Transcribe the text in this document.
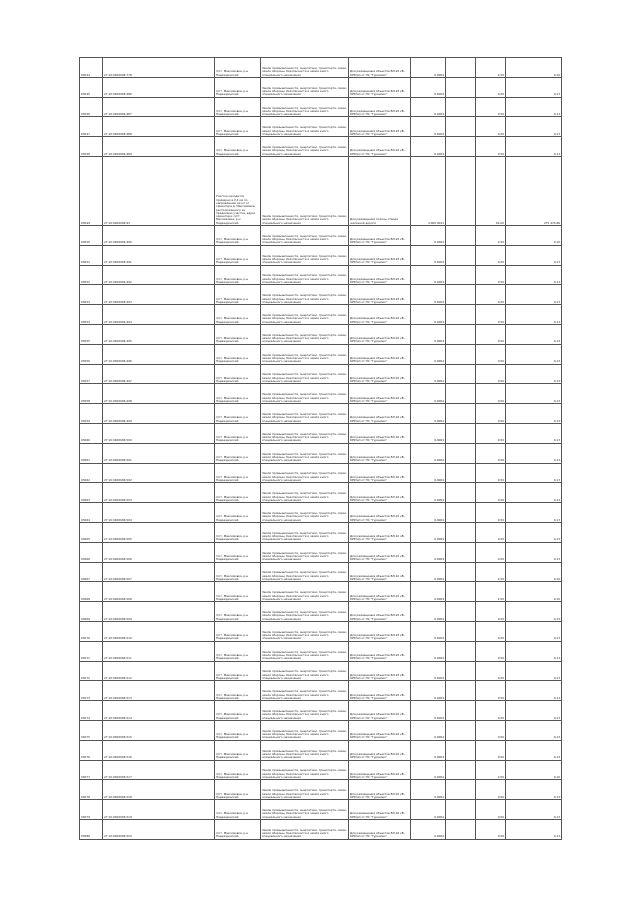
03044	27:10:0400006:778	п/ст. Максимовка, р-н Надеждинский	Земли промышленности, энергетики, транспорта, связи, земли обороны, безопасности и земли иного специального назначения	Для размещения объектов ВЛ-10 кВ, КРУ(Ш) от ПС "Гураново"	0,0004		2,50	0,10
03045	27:10:0400006:486	п/ст. Максимовка, р-н Надеждинский	Земли промышленности, энергетики, транспорта, связи, земли обороны, безопасности и земли иного специального назначения	Для размещения объектов ВЛ-10 кВ, КРУ(Ш) от ПС "Гураново"	0,0004		0,50	0,13
03046	27:10:0400006:487	п/ст. Максимовка, р-н Надеждинский	Земли промышленности, энергетики, транспорта, связи, земли обороны, безопасности и земли иного специального назначения	Для размещения объектов ВЛ-10 кВ, КРУ(Ш) от ПС "Гураново"	0,0004		0,50	0,13
03047	27:10:0400006:488	п/ст. Максимовка, р-н Надеждинский	Земли промышленности, энергетики, транспорта, связи, земли обороны, безопасности и земли иного специального назначения	Для размещения объектов ВЛ-10 кВ, КРУ(Ш) от ПС "Гураново"	0,0004		0,50	0,13
03048	27:10:0400006:489	п/ст. Максимовка, р-н Надеждинский	Земли промышленности, энергетики, транспорта, связи, земли обороны, безопасности и земли иного специального назначения	Для размещения объектов ВЛ-10 кВ, КРУ(Ш) от ПС "Гураново"	0,0004		0,50	0,13
03049	27:10:0400006:93	Участок находится примерно в 0,3 км по направлению на юг от ориентира д. Максимовка, расположенного за пределами участка, адрес ориентира: п/ст. Максимовка, р-н Надеждинский	Земли промышленности, энергетики, транспорта, связи, земли обороны, безопасности и земли иного специального назначения	Для размещения полосы отвода железной дороги	4 060 0021		61,00	275 474,86
03050	27:10:0400006:490	п/ст. Максимовка, р-н Надеждинский	Земли промышленности, энергетики, транспорта, связи, земли обороны, безопасности и земли иного специального назначения	Для размещения объектов ВЛ-10 кВ, КРУ(Ш) от ПС "Гураново"	0,0004		2,50	0,10
03051	27:10:0400006:491	п/ст. Максимовка, р-н Надеждинский	Земли промышленности, энергетики, транспорта, связи, земли обороны, безопасности и земли иного специального назначения	Для размещения объектов ВЛ-10 кВ, КРУ(Ш) от ПС "Гураново"	0,0004		0,50	0,13
03052	27:10:0400006:492	п/ст. Максимовка, р-н Надеждинский	Земли промышленности, энергетики, транспорта, связи, земли обороны, безопасности и земли иного специального назначения	Для размещения объектов ВЛ-10 кВ, КРУ(Ш) от ПС "Гураново"	0,0004		0,50	0,13
03053	27:10:0400006:493	п/ст. Максимовка, р-н Надеждинский	Земли промышленности, энергетики, транспорта, связи, земли обороны, безопасности и земли иного специального назначения	Для размещения объектов ВЛ-10 кВ, КРУ(Ш) от ПС "Гураново"	0,0004		0,50	0,13
03054	27:10:0400006:494	п/ст. Максимовка, р-н Надеждинский	Земли промышленности, энергетики, транспорта, связи, земли обороны, безопасности и земли иного специального назначения	Для размещения объектов ВЛ-10 кВ, КРУ(Ш) от ПС "Гураново"	0,0004		0,50	0,13
03055	27:10:0400006:495	п/ст. Максимовка, р-н Надеждинский	Земли промышленности, энергетики, транспорта, связи, земли обороны, безопасности и земли иного специального назначения	Для размещения объектов ВЛ-10 кВ, КРУ(Ш) от ПС "Гураново"	0,0004		0,50	0,13
03056	27:10:0400006:496	п/ст. Максимовка, р-н Надеждинский	Земли промышленности, энергетики, транспорта, связи, земли обороны, безопасности и земли иного специального назначения	Для размещения объектов ВЛ-10 кВ, КРУ(Ш) от ПС "Гураново"	0,0004		0,50	0,13
03057	27:10:0400006:497	п/ст. Максимовка, р-н Надеждинский	Земли промышленности, энергетики, транспорта, связи, земли обороны, безопасности и земли иного специального назначения	Для размещения объектов ВЛ-10 кВ, КРУ(Ш) от ПС "Гураново"	0,0004		0,50	0,13
03058	27:10:0400006:498	п/ст. Максимовка, р-н Надеждинский	Земли промышленности, энергетики, транспорта, связи, земли обороны, безопасности и земли иного специального назначения	Для размещения объектов ВЛ-10 кВ, КРУ(Ш) от ПС "Гураново"	0,0004		0,50	0,13
03059	27:10:0400006:499	п/ст. Максимовка, р-н Надеждинский	Земли промышленности, энергетики, транспорта, связи, земли обороны, безопасности и земли иного специального назначения	Для размещения объектов ВЛ-10 кВ, КРУ(Ш) от ПС "Гураново"	0,0004		0,50	0,13
03060	27:10:0400006:500	п/ст. Максимовка, р-н Надеждинский	Земли промышленности, энергетики, транспорта, связи, земли обороны, безопасности и земли иного специального назначения	Для размещения объектов ВЛ-10 кВ, КРУ(Ш) от ПС "Гураново"	0,0004		0,50	0,13
03061	27:10:0400006:501	п/ст. Максимовка, р-н Надеждинский	Земли промышленности, энергетики, транспорта, связи, земли обороны, безопасности и земли иного специального назначения	Для размещения объектов ВЛ-10 кВ, КРУ(Ш) от ПС "Гураново"	0,0004		0,50	0,13
03062	27:10:0400006:502	п/ст. Максимовка, р-н Надеждинский	Земли промышленности, энергетики, транспорта, связи, земли обороны, безопасности и земли иного специального назначения	Для размещения объектов ВЛ-10 кВ, КРУ(Ш) от ПС "Гураново"	0,0004		0,50	0,13
03063	27:10:0400006:503	п/ст. Максимовка, р-н Надеждинский	Земли промышленности, энергетики, транспорта, связи, земли обороны, безопасности и земли иного специального назначения	Для размещения объектов ВЛ-10 кВ, КРУ(Ш) от ПС "Гураново"	0,0004		0,50	0,13
03064	27:10:0400006:504	п/ст. Максимовка, р-н Надеждинский	Земли промышленности, энергетики, транспорта, связи, земли обороны, безопасности и земли иного специального назначения	Для размещения объектов ВЛ-10 кВ, КРУ(Ш) от ПС "Гураново"	0,0004		0,50	0,13
03065	27:10:0400006:505	п/ст. Максимовка, р-н Надеждинский	Земли промышленности, энергетики, транспорта, связи, земли обороны, безопасности и земли иного специального назначения	Для размещения объектов ВЛ-10 кВ, КРУ(Ш) от ПС "Гураново"	0,0004		0,50	0,13
03066	27:10:0400006:506	п/ст. Максимовка, р-н Надеждинский	Земли промышленности, энергетики, транспорта, связи, земли обороны, безопасности и земли иного специального назначения	Для размещения объектов ВЛ-10 кВ, КРУ(Ш) от ПС "Гураново"	0,0004		0,50	0,13
03067	27:10:0400006:507	п/ст. Максимовка, р-н Надеждинский	Земли промышленности, энергетики, транспорта, связи, земли обороны, безопасности и земли иного специального назначения	Для размещения объектов ВЛ-10 кВ, КРУ(Ш) от ПС "Гураново"	0,0004		2,50	0,10
03068	27:10:0400006:508	п/ст. Максимовка, р-н Надеждинский	Земли промышленности, энергетики, транспорта, связи, земли обороны, безопасности и земли иного специального назначения	Для размещения объектов ВЛ-10 кВ, КРУ(Ш) от ПС "Гураново"	0,0004		2,50	0,10
03069	27:10:0400006:509	п/ст. Максимовка, р-н Надеждинский	Земли промышленности, энергетики, транспорта, связи, земли обороны, безопасности и земли иного специального назначения	Для размещения объектов ВЛ-10 кВ, КРУ(Ш) от ПС "Гураново"	0,0004		0,50	0,13
03070	27:10:0400006:510	п/ст. Максимовка, р-н Надеждинский	Земли промышленности, энергетики, транспорта, связи, земли обороны, безопасности и земли иного специального назначения	Для размещения объектов ВЛ-10 кВ, КРУ(Ш) от ПС "Гураново"	0,0004		0,50	0,13
03071	27:10:0400006:511	п/ст. Максимовка, р-н Надеждинский	Земли промышленности, энергетики, транспорта, связи, земли обороны, безопасности и земли иного специального назначения	Для размещения объектов ВЛ-10 кВ, КРУ(Ш) от ПС "Гураново"	0,0004		0,50	0,13
03072	27:10:0400006:512	п/ст. Максимовка, р-н Надеждинский	Земли промышленности, энергетики, транспорта, связи, земли обороны, безопасности и земли иного специального назначения	Для размещения объектов ВЛ-10 кВ, КРУ(Ш) от ПС "Гураново"	0,0004		0,50	0,13
03073	27:10:0400006:513	п/ст. Максимовка, р-н Надеждинский	Земли промышленности, энергетики, транспорта, связи, земли обороны, безопасности и земли иного специального назначения	Для размещения объектов ВЛ-10 кВ, КРУ(Ш) от ПС "Гураново"	0,0004		0,50	0,13
03074	27:10:0400006:514	п/ст. Максимовка, р-н Надеждинский	Земли промышленности, энергетики, транспорта, связи, земли обороны, безопасности и земли иного специального назначения	Для размещения объектов ВЛ-10 кВ, КРУ(Ш) от ПС "Гураново"	0,0004		0,50	0,13
03075	27:10:0400006:515	п/ст. Максимовка, р-н Надеждинский	Земли промышленности, энергетики, транспорта, связи, земли обороны, безопасности и земли иного специального назначения	Для размещения объектов ВЛ-10 кВ, КРУ(Ш) от ПС "Гураново"	0,0004		0,50	0,13
03076	27:10:0400006:516	п/ст. Максимовка, р-н Надеждинский	Земли промышленности, энергетики, транспорта, связи, земли обороны, безопасности и земли иного специального назначения	Для размещения объектов ВЛ-10 кВ, КРУ(Ш) от ПС "Гураново"	0,0004		0,50	0,13
03077	27:10:0400006:517	п/ст. Максимовка, р-н Надеждинский	Земли промышленности, энергетики, транспорта, связи, земли обороны, безопасности и земли иного специального назначения	Для размещения объектов ВЛ-10 кВ, КРУ(Ш) от ПС "Гураново"	0,0004		2,50	0,10
03078	27:10:0400006:518	п/ст. Максимовка, р-н Надеждинский	Земли промышленности, энергетики, транспорта, связи, земли обороны, безопасности и земли иного специального назначения	Для размещения объектов ВЛ-10 кВ, КРУ(Ш) от ПС "Гураново"	0,0004		0,50	0,13
03079	27:10:0400006:519	п/ст. Максимовка, р-н Надеждинский	Земли промышленности, энергетики, транспорта, связи, земли обороны, безопасности и земли иного специального назначения	Для размещения объектов ВЛ-10 кВ, КРУ(Ш) от ПС "Гураново"	0,0004		0,50	0,13
03080	27:10:0400006:520	п/ст. Максимовка, р-н Надеждинский	Земли промышленности, энергетики, транспорта, связи, земли обороны, безопасности и земли иного специального назначения	Для размещения объектов ВЛ-10 кВ, КРУ(Ш) от ПС "Гураново"	0,0004		0,50	0,13
